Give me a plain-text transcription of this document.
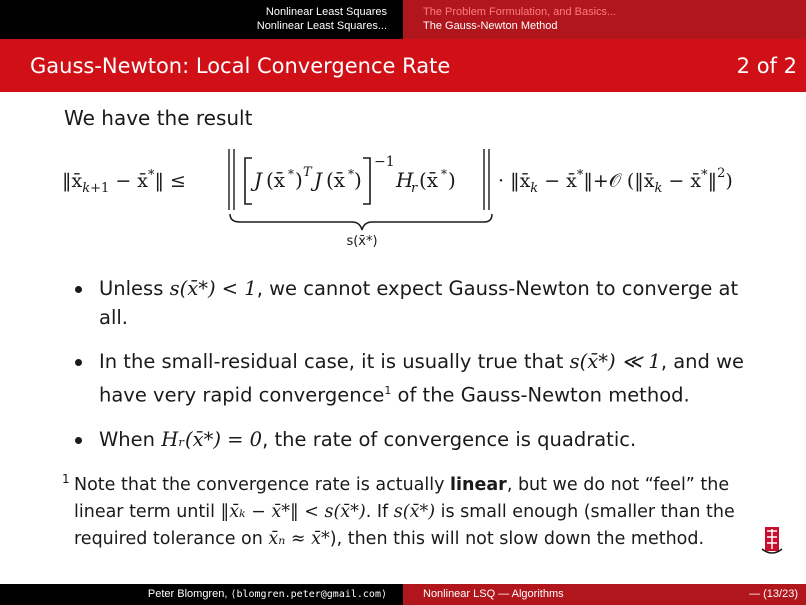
Nonlinear Least Squares
Nonlinear Least Squares...
The Problem Formulation, and Basics...
The Gauss-Newton Method
Gauss-Newton: Local Convergence Rate	2 of 2
We have the result
$‖x̄_k+1$ − x̄*‖ ≤	J (x̄ * ) T J (x̄ * )
−1
H
r (x̄ * ) · $‖x̄_k$ − x̄*‖+𝒪 ($‖x̄_k$ − x̄*‖$^2$)
s(x̄*)
Unless s(x̄*) < 1, we cannot expect Gauss-Newton to converge at all.
In the small-residual case, it is usually true that s(x̄*) ≪ 1, and we have very rapid convergence$^1$ of the Gauss-Newton method.
When Hᵣ(x̄*) = 0, the rate of convergence is quadratic.
1 Note that the convergence rate is actually linear, but we do not “feel” the linear term until ‖x̄ₖ − x̄*‖ < s(x̄*). If s(x̄*) is small enough (smaller than the required tolerance on x̄ₙ ≈ x̄*), then this will not slow down the method.
Peter Blomgren, ⟨blomgren.peter@gmail.com⟩	Nonlinear LSQ — Algorithms	— (13/23)
